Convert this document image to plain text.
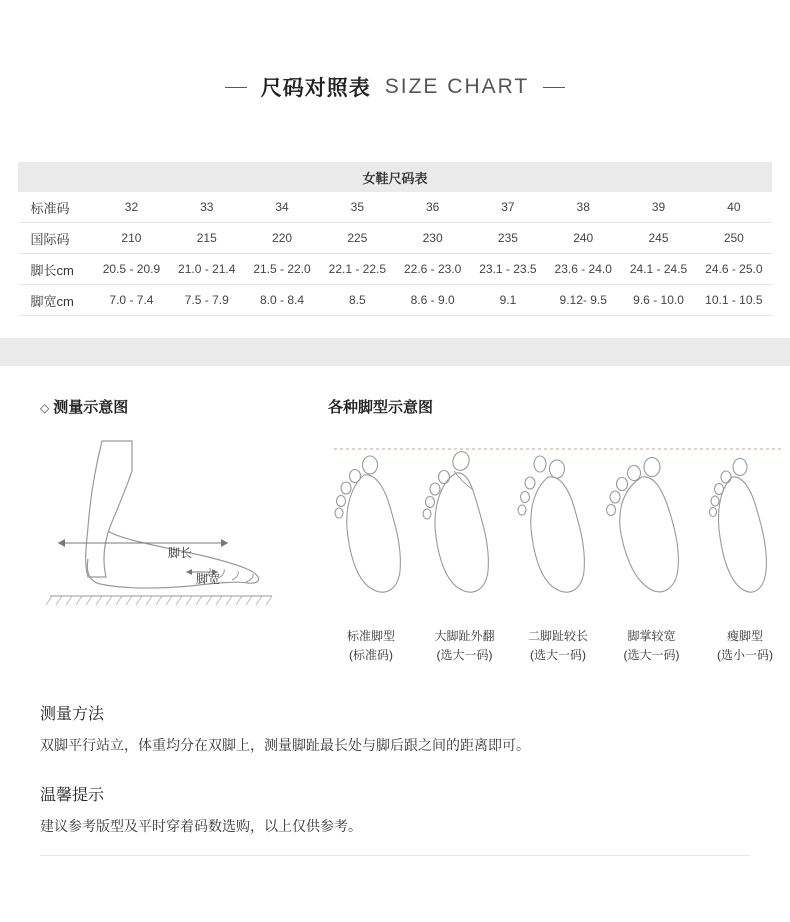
尺码对照表 SIZE CHART
女鞋尺码表									
标准码	32	33	34	35	36	37	38	39	40
国际码	210	215	220	225	230	235	240	245	250
脚长cm	20.5 - 20.9	21.0 - 21.4	21.5 - 22.0	22.1 - 22.5	22.6 - 23.0	23.1 - 23.5	23.6 - 24.0	24.1 - 24.5	24.6 - 25.0
脚宽cm	7.0 - 7.4	7.5 - 7.9	8.0 - 8.4	8.5	8.6 - 9.0	9.1	9.12- 9.5	9.6 - 10.0	10.1 - 10.5
◇ 测量示意图
脚长
脚宽
各种脚型示意图
标准脚型
(标准码)
大脚趾外翻
(选大一码)
二脚趾较长
(选大一码)
脚掌较宽
(选大一码)
瘦脚型
(选小一码)
测量方法
双脚平行站立，体重均分在双脚上，测量脚趾最长处与脚后跟之间的距离即可。
温馨提示
建议参考版型及平时穿着码数选购，以上仅供参考。
